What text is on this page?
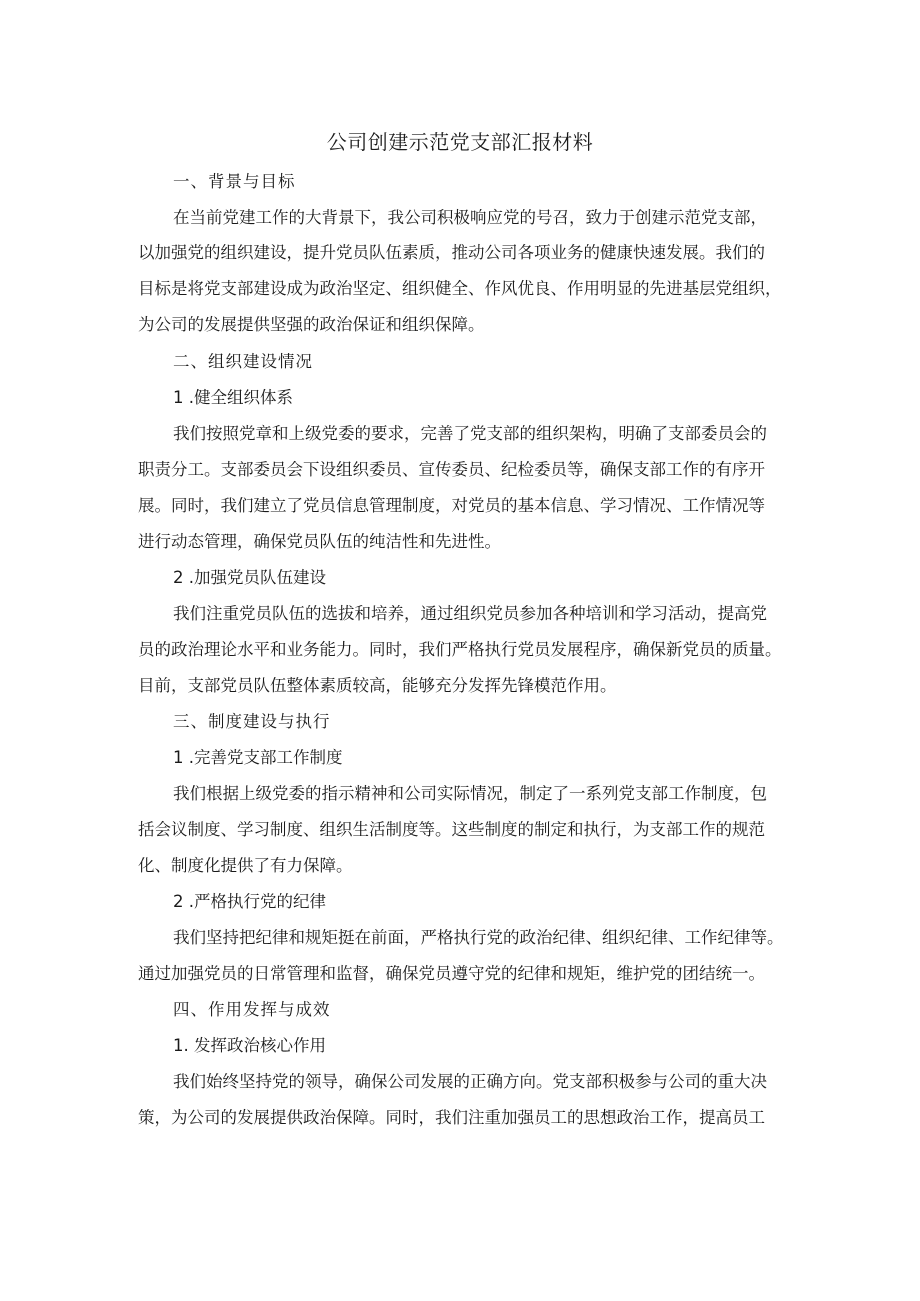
公司创建示范党支部汇报材料
一、背景与目标
在当前党建工作的大背景下，我公司积极响应党的号召，致力于创建示范党支部，
以加强党的组织建设，提升党员队伍素质，推动公司各项业务的健康快速发展。我们的
目标是将党支部建设成为政治坚定、组织健全、作风优良、作用明显的先进基层党组织，
为公司的发展提供坚强的政治保证和组织保障。
二、组织建设情况
1 .健全组织体系
我们按照党章和上级党委的要求，完善了党支部的组织架构，明确了支部委员会的
职责分工。支部委员会下设组织委员、宣传委员、纪检委员等，确保支部工作的有序开
展。同时，我们建立了党员信息管理制度，对党员的基本信息、学习情况、工作情况等
进行动态管理，确保党员队伍的纯洁性和先进性。
2 .加强党员队伍建设
我们注重党员队伍的选拔和培养，通过组织党员参加各种培训和学习活动，提高党
员的政治理论水平和业务能力。同时，我们严格执行党员发展程序，确保新党员的质量。
目前，支部党员队伍整体素质较高，能够充分发挥先锋模范作用。
三、制度建设与执行
1 .完善党支部工作制度
我们根据上级党委的指示精神和公司实际情况，制定了一系列党支部工作制度，包
括会议制度、学习制度、组织生活制度等。这些制度的制定和执行，为支部工作的规范
化、制度化提供了有力保障。
2 .严格执行党的纪律
我们坚持把纪律和规矩挺在前面，严格执行党的政治纪律、组织纪律、工作纪律等。
通过加强党员的日常管理和监督，确保党员遵守党的纪律和规矩，维护党的团结统一。
四、作用发挥与成效
1. 发挥政治核心作用
我们始终坚持党的领导，确保公司发展的正确方向。党支部积极参与公司的重大决
策，为公司的发展提供政治保障。同时，我们注重加强员工的思想政治工作，提高员工
